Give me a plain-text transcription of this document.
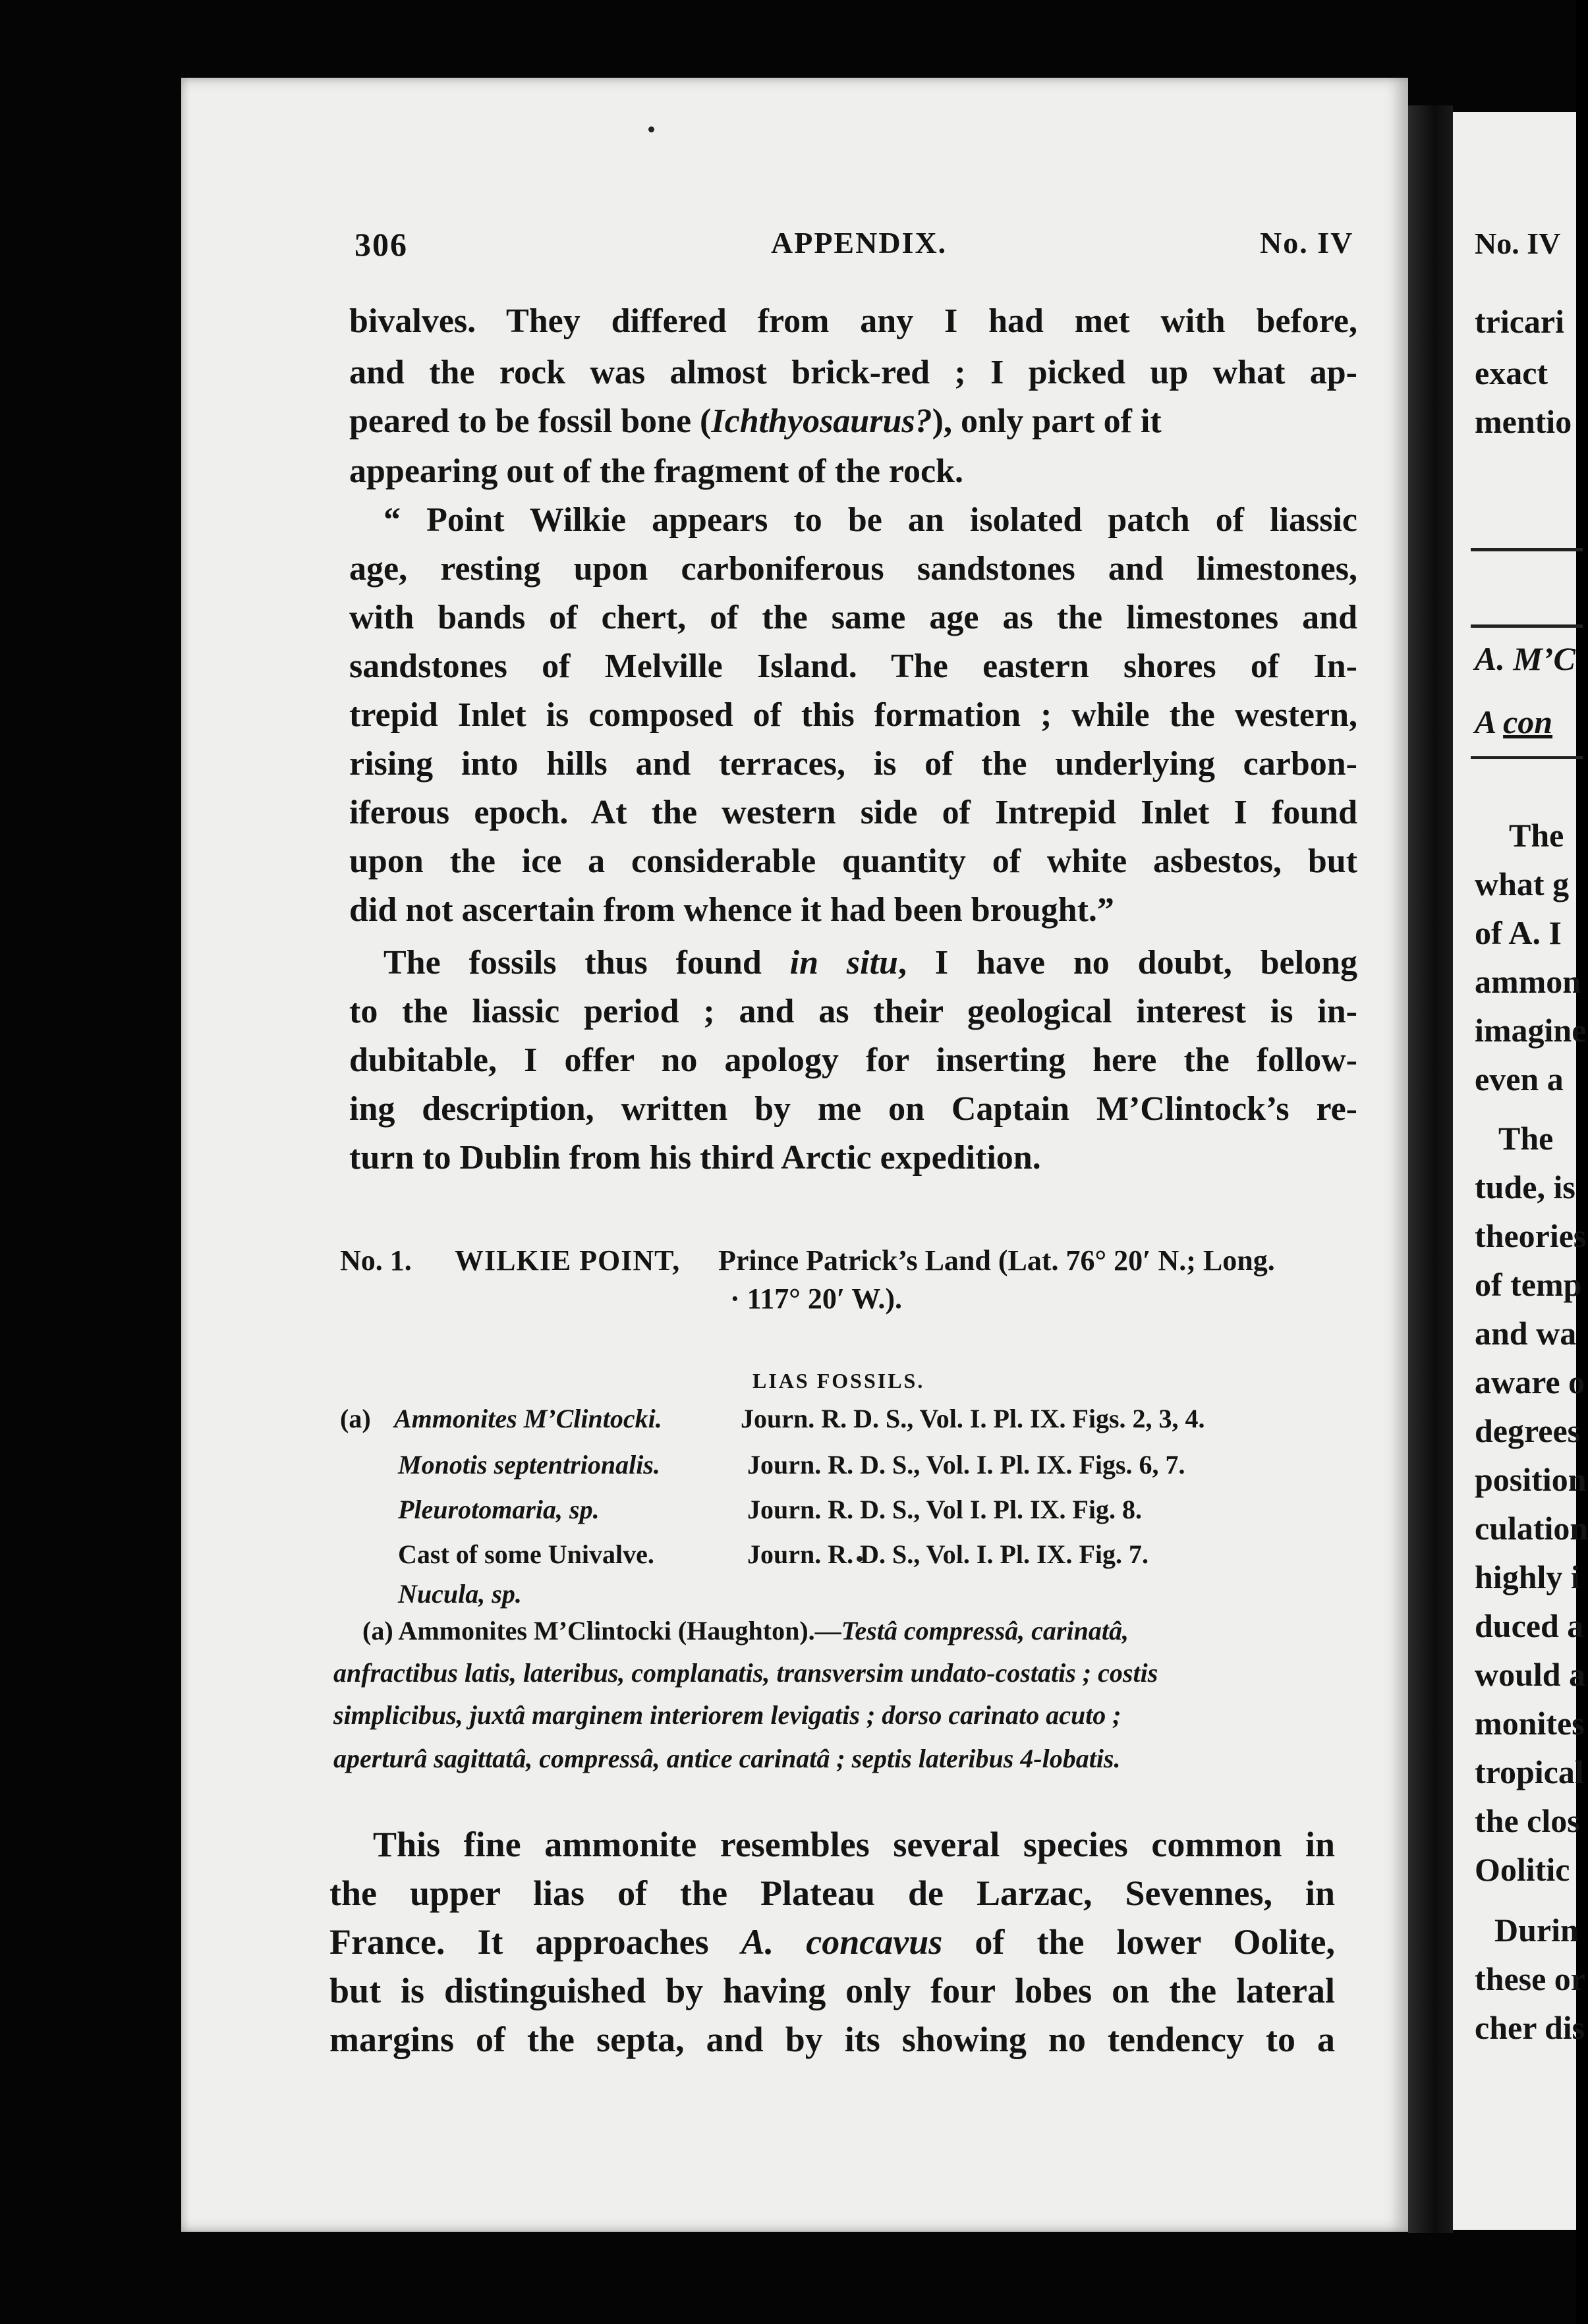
306	APPENDIX.	No. IV
bivalves. They differed from any I had met with before,
and the rock was almost brick-red ; I picked up what ap-
peared to be fossil bone (Ichthyosaurus?), only part of it
appearing out of the fragment of the rock.
“ Point Wilkie appears to be an isolated patch of liassic
age, resting upon carboniferous sandstones and limestones,
with bands of chert, of the same age as the limestones and
sandstones of Melville Island. The eastern shores of In-
trepid Inlet is composed of this formation ; while the western,
rising into hills and terraces, is of the underlying carbon-
iferous epoch. At the western side of Intrepid Inlet I found
upon the ice a considerable quantity of white asbestos, but
did not ascertain from whence it had been brought.”
The fossils thus found in situ, I have no doubt, belong
to the liassic period ; and as their geological interest is in-
dubitable, I offer no apology for inserting here the follow-
ing description, written by me on Captain M’Clintock’s re-
turn to Dublin from his third Arctic expedition.
No. 1. WILKIE POINT, Prince Patrick’s Land (Lat. 76° 20′ N.; Long.
· 117° 20′ W.).
LIAS FOSSILS.
(a) Ammonites M’Clintocki.	Journ. R. D. S., Vol. I. Pl. IX. Figs. 2, 3, 4.
Monotis septentrionalis.	Journ. R. D. S., Vol. I. Pl. IX. Figs. 6, 7.
Pleurotomaria, sp.	Journ. R. D. S., Vol I. Pl. IX. Fig. 8.
Cast of some Univalve.	Journ. R. D. S., Vol. I. Pl. IX. Fig. 7.
Nucula, sp.
(a) Ammonites M’Clintocki (Haughton).—Testâ compressâ, carinatâ,
anfractibus latis, lateribus, complanatis, transversim undato-costatis ; costis
simplicibus, juxtâ marginem interiorem levigatis ; dorso carinato acuto ;
aperturâ sagittatâ, compressâ, antice carinatâ ; septis lateribus 4-lobatis.
This fine ammonite resembles several species common in
the upper lias of the Plateau de Larzac, Sevennes, in
France. It approaches A. concavus of the lower Oolite,
but is distinguished by having only four lobes on the lateral
margins of the septa, and by its showing no tendency to a
No. IV
tricari
exact
mentio
A. M’C
A con
The
what g
of A. I
ammon
imagine
even a
The
tude, is
theories
of temp
and wa
aware o
degrees
position
culation
highly i
duced a
would a
monites
tropical
the clos
Oolitic
Durin
these or
cher dis
